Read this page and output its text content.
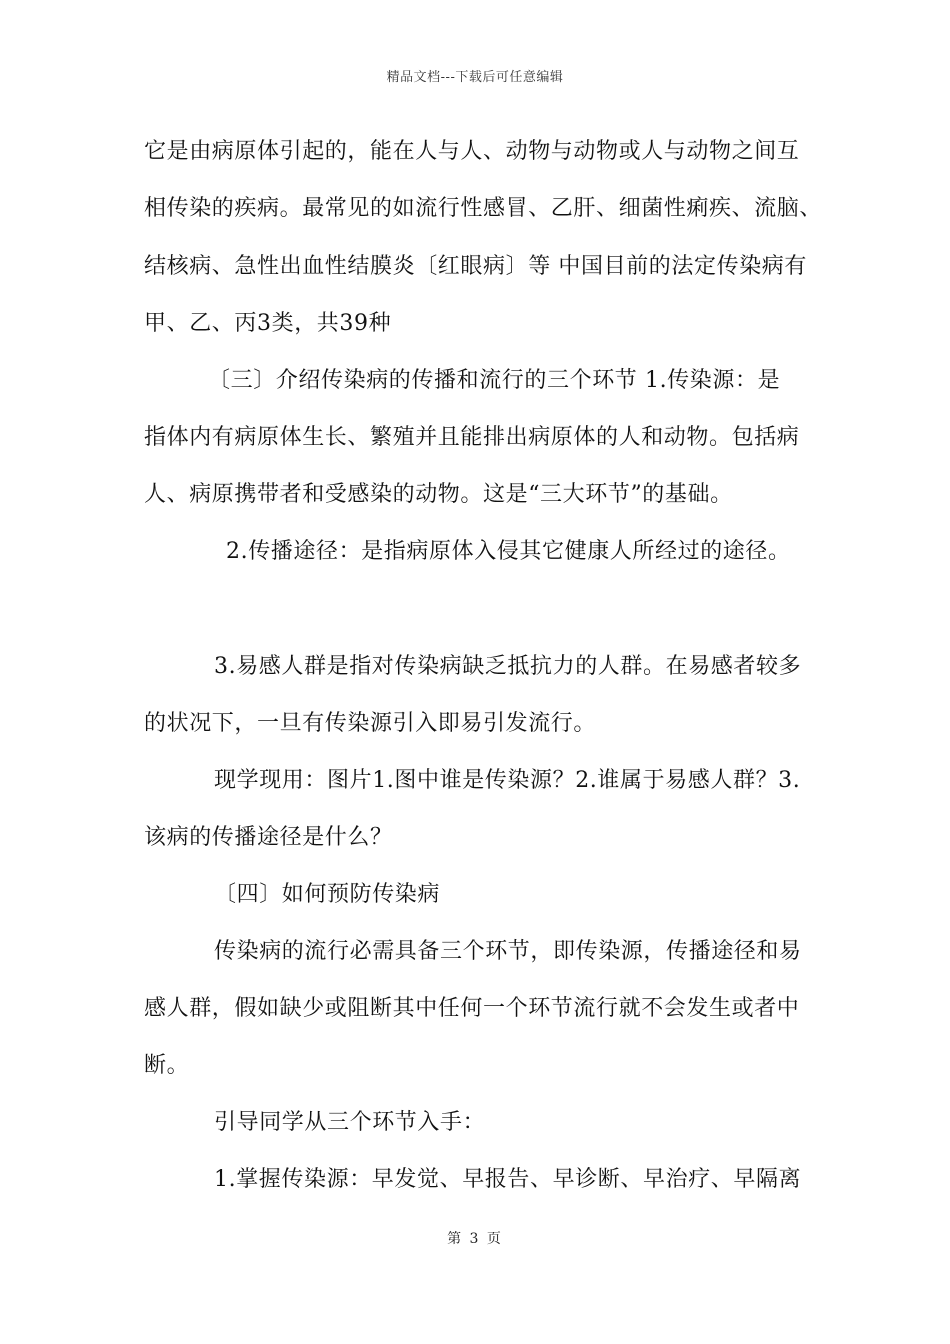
精品文档---下载后可任意编辑
它是由病原体引起的，能在人与人、动物与动物或人与动物之间互
相传染的疾病。最常见的如流行性感冒、乙肝、细菌性痢疾、流脑、
结核病、急性出血性结膜炎〔红眼病〕等 中国目前的法定传染病有
甲、乙、丙3类，共39种
〔三〕介绍传染病的传播和流行的三个环节 1.传染源：是
指体内有病原体生长、繁殖并且能排出病原体的人和动物。包括病
人、病原携带者和受感染的动物。这是“三大环节”的基础。
2.传播途径：是指病原体入侵其它健康人所经过的途径。
3.易感人群是指对传染病缺乏抵抗力的人群。在易感者较多
的状况下，一旦有传染源引入即易引发流行。
现学现用：图片1.图中谁是传染源？2.谁属于易感人群？3.
该病的传播途径是什么？
〔四〕如何预防传染病
传染病的流行必需具备三个环节，即传染源，传播途径和易
感人群，假如缺少或阻断其中任何一个环节流行就不会发生或者中
断。
引导同学从三个环节入手：
1.掌握传染源：早发觉、早报告、早诊断、早治疗、早隔离
第 3 页
